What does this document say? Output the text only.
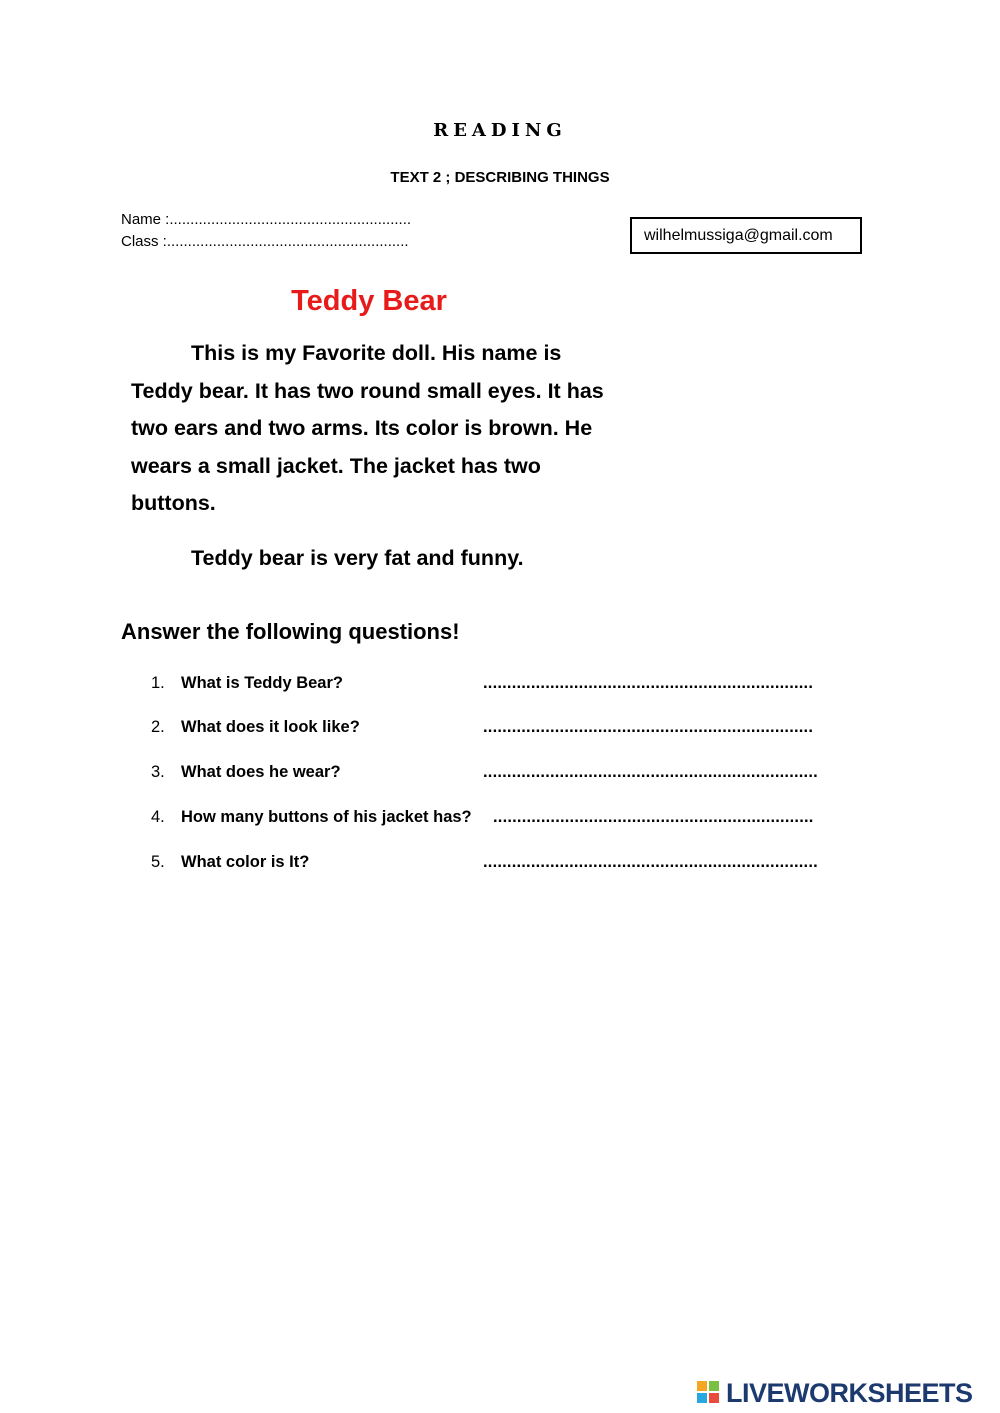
READING
TEXT 2 ; DESCRIBING THINGS
Name :..........................................................
Class :..........................................................	wilhelmussiga@gmail.com
Teddy Bear

This is my Favorite doll. His name is Teddy bear. It has two round small eyes. It has two ears and two arms. Its color is brown. He wears a small jacket. The jacket has two buttons.

Teddy bear is very fat and funny.

Answer the following questions!
1. What is Teddy Bear?	.....................................................................
2. What does it look like?	.....................................................................
3. What does he wear?	......................................................................
4. How many buttons of his jacket has? ...................................................................
5. What color is It?	......................................................................
LIVEWORKSHEETS
